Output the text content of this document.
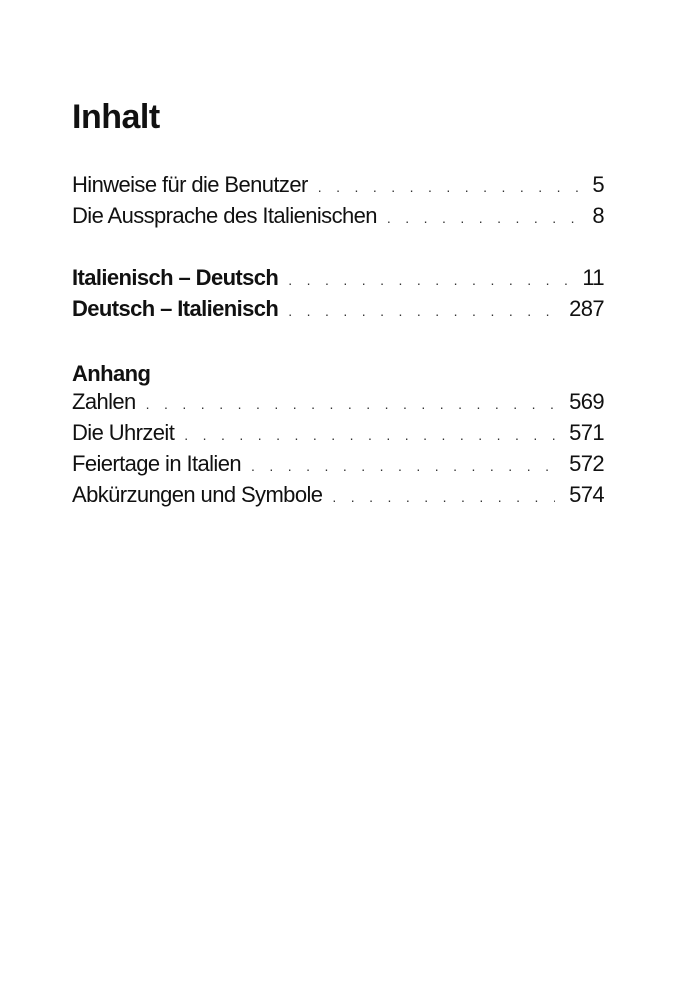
Inhalt
Hinweise für die Benutzer . . .	5
Die Aussprache des Italienischen . . .	8
Italienisch – Deutsch . . .	11
Deutsch – Italienisch . . .	287
Anhang
Zahlen . . .	569
Die Uhrzeit . . .	571
Feiertage in Italien . . .	572
Abkürzungen und Symbole . . .	574
